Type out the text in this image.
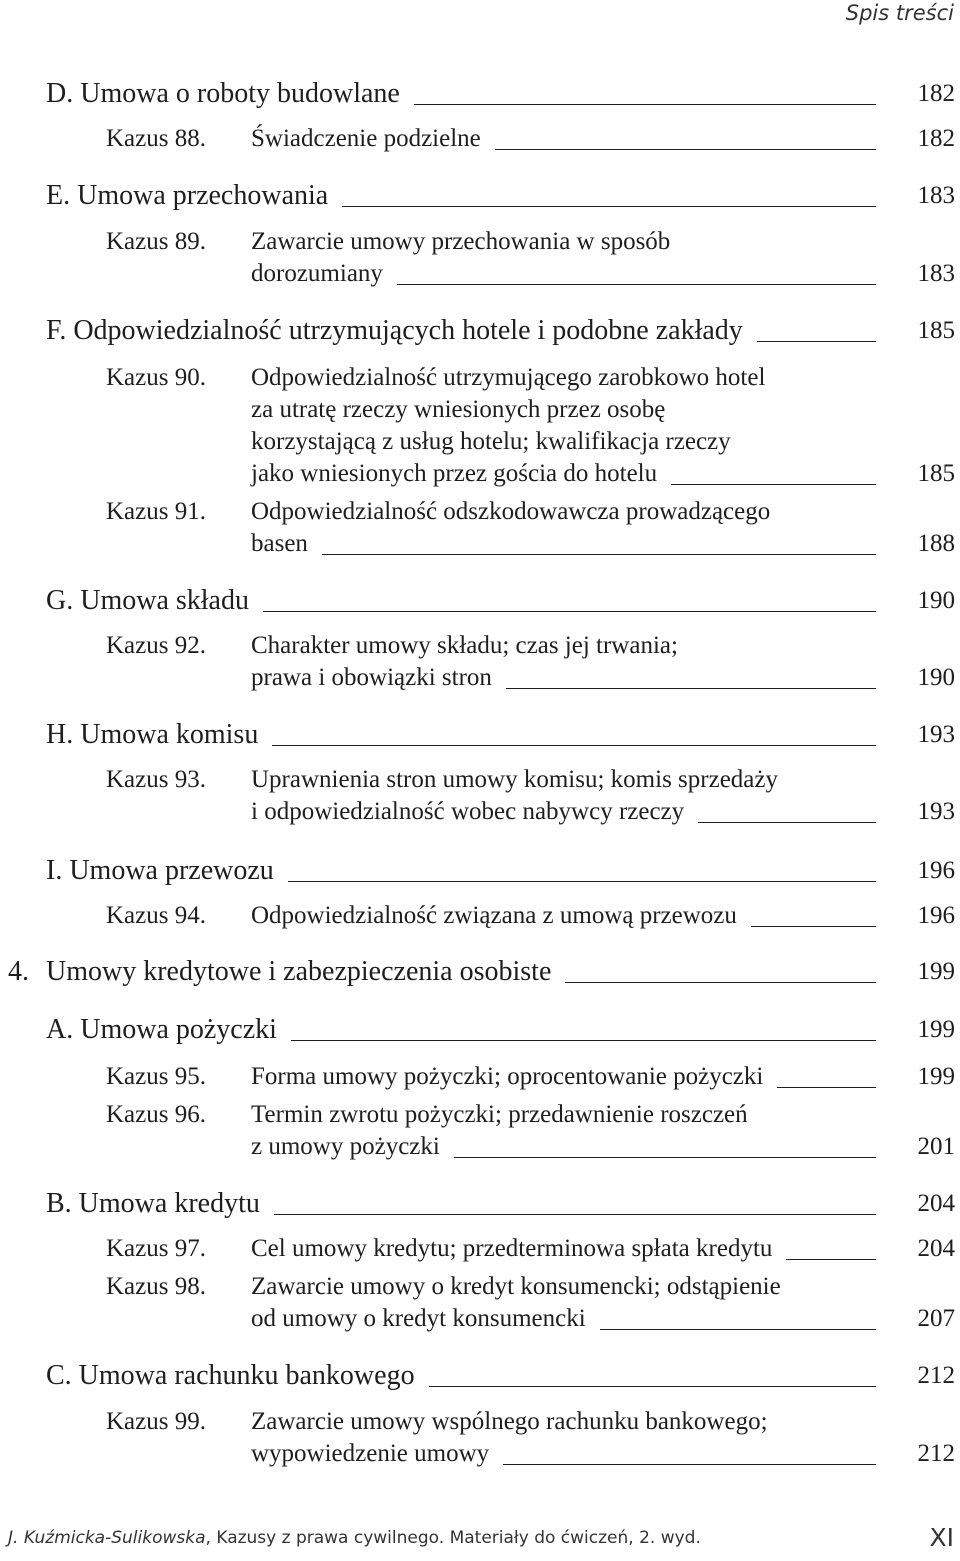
Spis treści
D. Umowa o roboty budowlane	182
Kazus 88. Świadczenie podzielne	182
E. Umowa przechowania	183
Kazus 89. Zawarcie umowy przechowania w sposób
dorozumiany	183
F. Odpowiedzialność utrzymujących hotele i podobne zakłady	185
Kazus 90. Odpowiedzialność utrzymującego zarobkowo hotel
za utratę rzeczy wniesionych przez osobę
korzystającą z usług hotelu; kwalifikacja rzeczy
jako wniesionych przez gościa do hotelu	185
Kazus 91. Odpowiedzialność odszkodowawcza prowadzącego
basen	188
G. Umowa składu	190
Kazus 92. Charakter umowy składu; czas jej trwania;
prawa i obowiązki stron	190
H. Umowa komisu	193
Kazus 93. Uprawnienia stron umowy komisu; komis sprzedaży
i odpowiedzialność wobec nabywcy rzeczy	193
I. Umowa przewozu	196
Kazus 94. Odpowiedzialność związana z umową przewozu	196
4. Umowy kredytowe i zabezpieczenia osobiste	199
A. Umowa pożyczki	199
Kazus 95. Forma umowy pożyczki; oprocentowanie pożyczki	199
Kazus 96. Termin zwrotu pożyczki; przedawnienie roszczeń
z umowy pożyczki	201
B. Umowa kredytu	204
Kazus 97. Cel umowy kredytu; przedterminowa spłata kredytu	204
Kazus 98. Zawarcie umowy o kredyt konsumencki; odstąpienie
od umowy o kredyt konsumencki	207
C. Umowa rachunku bankowego	212
Kazus 99. Zawarcie umowy wspólnego rachunku bankowego;
wypowiedzenie umowy	212
J. Kuźmicka-Sulikowska, Kazusy z prawa cywilnego. Materiały do ćwiczeń, 2. wyd.	XI
